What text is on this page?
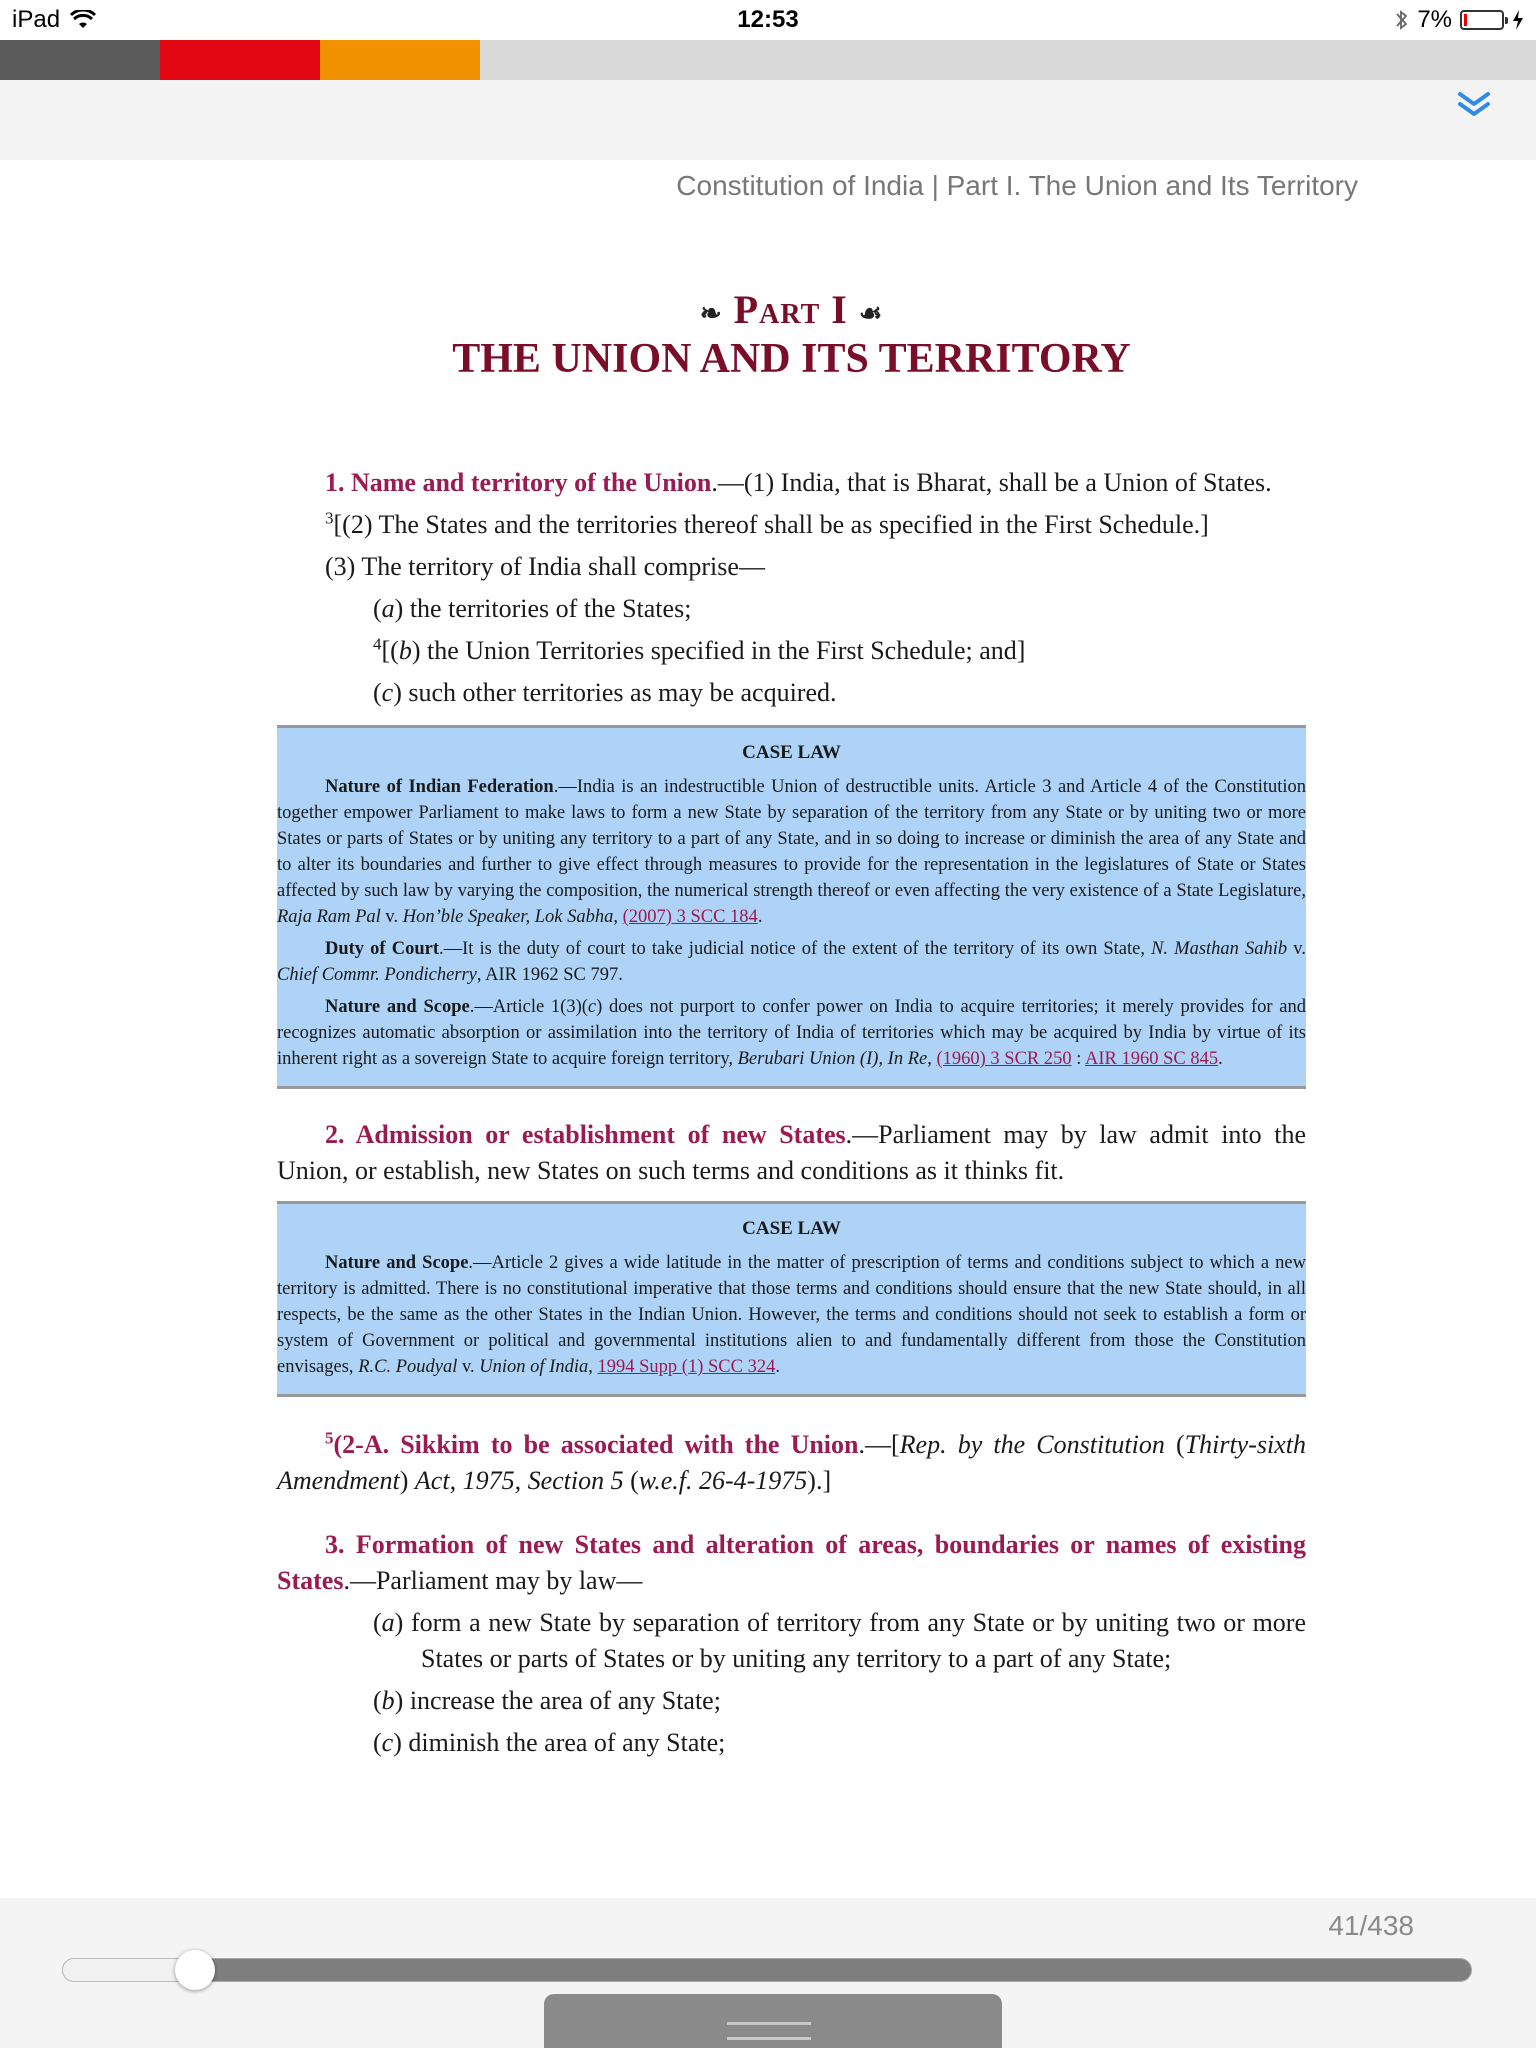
iPad	12:53	7%
Constitution of India | Part I. The Union and Its Territory
❧ Part I ☙
THE UNION AND ITS TERRITORY
1. Name and territory of the Union.—(1) India, that is Bharat, shall be a Union of States.
$^3$[(2) The States and the territories thereof shall be as specified in the First Schedule.]
(3) The territory of India shall comprise—
(a) the territories of the States;
$^4$[(b) the Union Territories specified in the First Schedule; and]
(c) such other territories as may be acquired.
CASE LAW

Nature of Indian Federation.—India is an indestructible Union of destructible units. Article 3 and Article 4 of the Constitution together empower Parliament to make laws to form a new State by separation of the territory from any State or by uniting two or more States or parts of States or by uniting any territory to a part of any State, and in so doing to increase or diminish the area of any State and to alter its boundaries and further to give effect through measures to provide for the representation in the legislatures of State or States affected by such law by varying the composition, the numerical strength thereof or even affecting the very existence of a State Legislature, Raja Ram Pal v. Hon’ble Speaker, Lok Sabha, (2007) 3 SCC 184.

Duty of Court.—It is the duty of court to take judicial notice of the extent of the territory of its own State, N. Masthan Sahib v. Chief Commr. Pondicherry, AIR 1962 SC 797.

Nature and Scope.—Article 1(3)(c) does not purport to confer power on India to acquire territories; it merely provides for and recognizes automatic absorption or assimilation into the territory of India of territories which may be acquired by India by virtue of its inherent right as a sovereign State to acquire foreign territory, Berubari Union (I), In Re, (1960) 3 SCR 250 : AIR 1960 SC 845.

2. Admission or establishment of new States.—Parliament may by law admit into the Union, or establish, new States on such terms and conditions as it thinks fit.
CASE LAW

Nature and Scope.—Article 2 gives a wide latitude in the matter of prescription of terms and conditions subject to which a new territory is admitted. There is no constitutional imperative that those terms and conditions should ensure that the new State should, in all respects, be the same as the other States in the Indian Union. However, the terms and conditions should not seek to establish a form or system of Government or political and governmental institutions alien to and fundamentally different from those the Constitution envisages, R.C. Poudyal v. Union of India, 1994 Supp (1) SCC 324.

$^5$(2-A. Sikkim to be associated with the Union.—[Rep. by the Constitution (Thirty-sixth Amendment) Act, 1975, Section 5 (w.e.f. 26-4-1975).]
3. Formation of new States and alteration of areas, boundaries or names of existing States.—Parliament may by law—
(a) form a new State by separation of territory from any State or by uniting two or more States or parts of States or by uniting any territory to a part of any State;
(b) increase the area of any State;
(c) diminish the area of any State;
41/438
